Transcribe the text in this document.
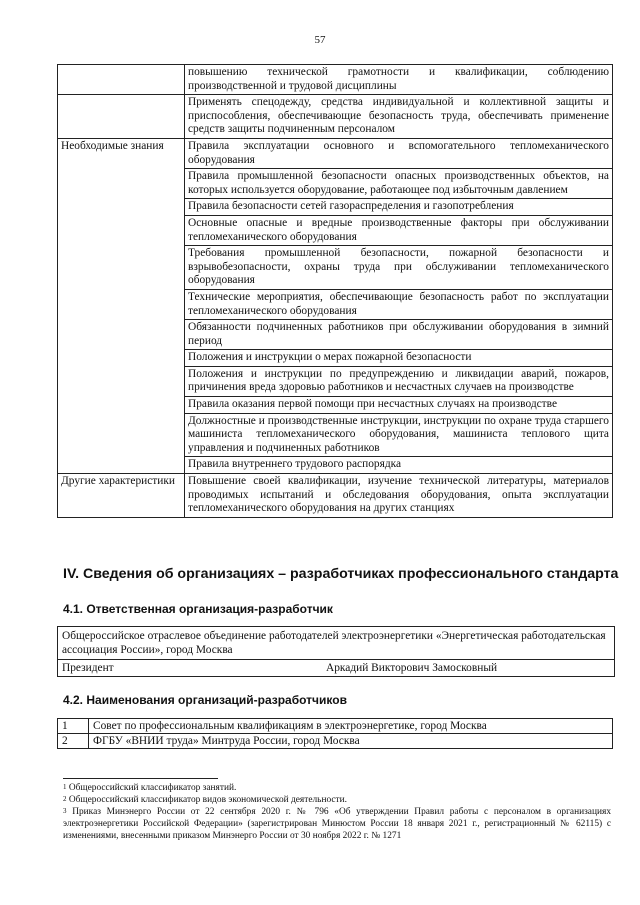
57
	повышению технической грамотности и квалификации, соблюдению производственной и трудовой дисциплины
	Применять спецодежду, средства индивидуальной и коллективной защиты и приспособления, обеспечивающие безопасность труда, обеспечивать применение средств защиты подчиненным персоналом
Необходимые знания	Правила эксплуатации основного и вспомогательного тепломеханического оборудования
	Правила промышленной безопасности опасных производственных объектов, на которых используется оборудование, работающее под избыточным давлением
	Правила безопасности сетей газораспределения и газопотребления
	Основные опасные и вредные производственные факторы при обслуживании тепломеханического оборудования
	Требования промышленной безопасности, пожарной безопасности и взрывобезопасности, охраны труда при обслуживании тепломеханического оборудования
	Технические мероприятия, обеспечивающие безопасность работ по эксплуатации тепломеханического оборудования
	Обязанности подчиненных работников при обслуживании оборудования в зимний период
	Положения и инструкции о мерах пожарной безопасности
	Положения и инструкции по предупреждению и ликвидации аварий, пожаров, причинения вреда здоровью работников и несчастных случаев на производстве
	Правила оказания первой помощи при несчастных случаях на производстве
	Должностные и производственные инструкции, инструкции по охране труда старшего машиниста тепломеханического оборудования, машиниста теплового щита управления и подчиненных работников
	Правила внутреннего трудового распорядка
Другие характеристики	Повышение своей квалификации, изучение технической литературы, материалов проводимых испытаний и обследования оборудования, опыта эксплуатации тепломеханического оборудования на других станциях
IV. Сведения об организациях – разработчиках профессионального стандарта
4.1. Ответственная организация-разработчик
Общероссийское отраслевое объединение работодателей электроэнергетики «Энергетическая работодательская ассоциация России», город Москва
Президент	Аркадий Викторович Замосковный
4.2. Наименования организаций-разработчиков
1	Совет по профессиональным квалификациям в электроэнергетике, город Москва
2	ФГБУ «ВНИИ труда» Минтруда России, город Москва

$^1$ Общероссийский классификатор занятий.

$^2$ Общероссийский классификатор видов экономической деятельности.

$^3$ Приказ Минэнерго России от 22 сентября 2020 г. № 796 «Об утверждении Правил работы с персоналом в организациях электроэнергетики Российской Федерации» (зарегистрирован Минюстом России 18 января 2021 г., регистрационный № 62115) с изменениями, внесенными приказом Минэнерго России от 30 ноября 2022 г. № 1271
